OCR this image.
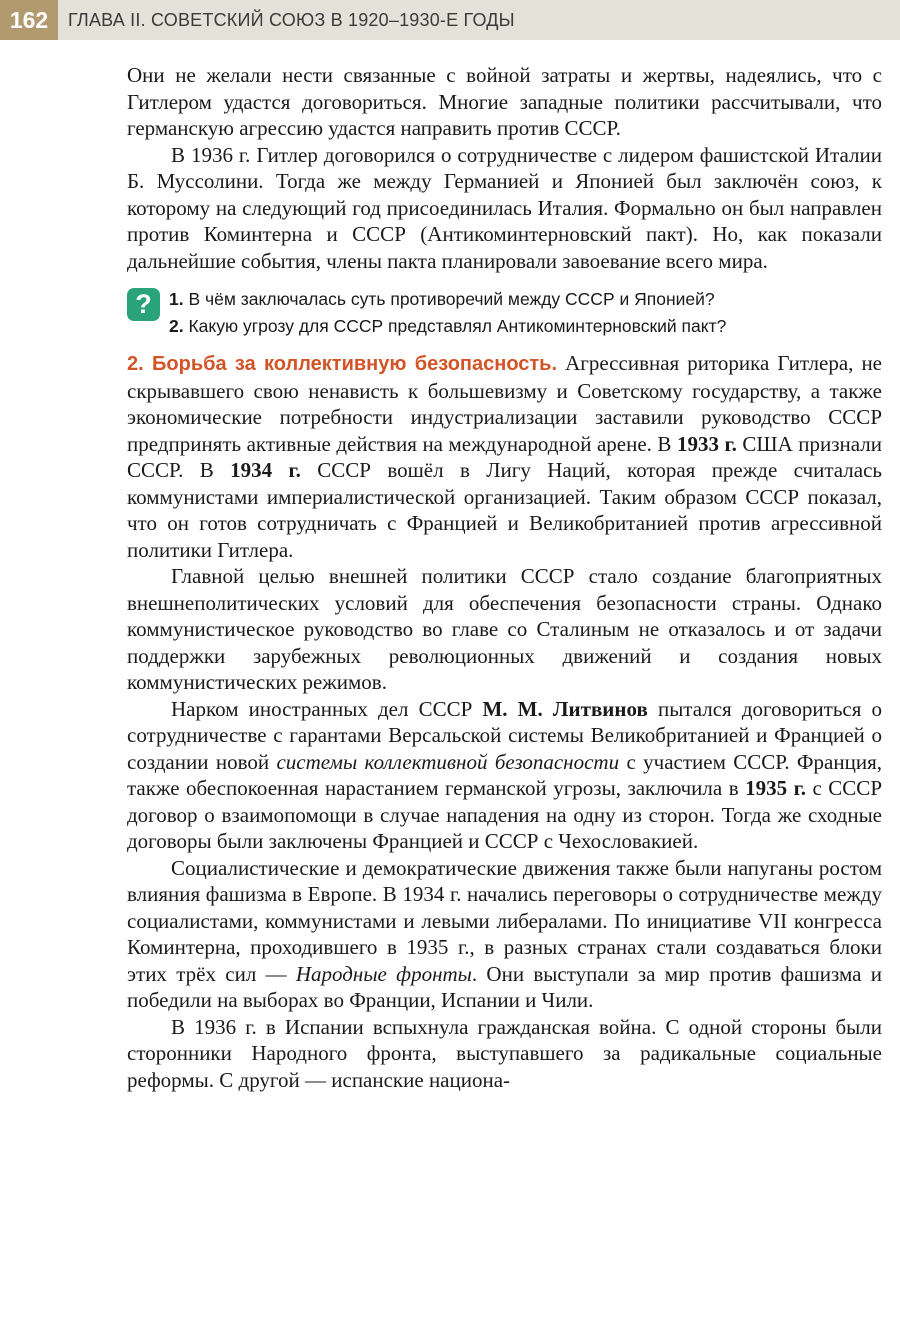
162	ГЛАВА II. СОВЕТСКИЙ СОЮЗ В 1920–1930-Е ГОДЫ

Они не желали нести связанные с войной затраты и жертвы, надеялись, что с Гитлером удастся договориться. Многие западные политики рассчитывали, что германскую агрессию удастся направить против СССР.

В 1936 г. Гитлер договорился о сотрудничестве с лидером фашистской Италии Б. Муссолини. Тогда же между Германией и Японией был заключён союз, к которому на следующий год присоединилась Италия. Формально он был направлен против Коминтерна и СССР (Антикоминтерновский пакт). Но, как показали дальнейшие события, члены пакта планировали завоевание всего мира.

? 1. В чём заключалась суть противоречий между СССР и Японией?
2. Какую угрозу для СССР представлял Антикоминтерновский пакт?

2. Борьба за коллективную безопасность. Агрессивная риторика Гитлера, не скрывавшего свою ненависть к большевизму и Советскому государству, а также экономические потребности индустриализации заставили руководство СССР предпринять активные действия на международной арене. В 1933 г. США признали СССР. В 1934 г. СССР вошёл в Лигу Наций, которая прежде считалась коммунистами империалистической организацией. Таким образом СССР показал, что он готов сотрудничать с Францией и Великобританией против агрессивной политики Гитлера.

Главной целью внешней политики СССР стало создание благоприятных внешнеполитических условий для обеспечения безопасности страны. Однако коммунистическое руководство во главе со Сталиным не отказалось и от задачи поддержки зарубежных революционных движений и создания новых коммунистических режимов.

Нарком иностранных дел СССР М. М. Литвинов пытался договориться о сотрудничестве с гарантами Версальской системы Великобританией и Францией о создании новой системы коллективной безопасности с участием СССР. Франция, также обеспокоенная нарастанием германской угрозы, заключила в 1935 г. с СССР договор о взаимопомощи в случае нападения на одну из сторон. Тогда же сходные договоры были заключены Францией и СССР с Чехословакией.

Социалистические и демократические движения также были напуганы ростом влияния фашизма в Европе. В 1934 г. начались переговоры о сотрудничестве между социалистами, коммунистами и левыми либералами. По инициативе VII конгресса Коминтерна, проходившего в 1935 г., в разных странах стали создаваться блоки этих трёх сил — Народные фронты. Они выступали за мир против фашизма и победили на выборах во Франции, Испании и Чили.

В 1936 г. в Испании вспыхнула гражданская война. С одной стороны были сторонники Народного фронта, выступавшего за радикальные социальные реформы. С другой — испанские национа-
